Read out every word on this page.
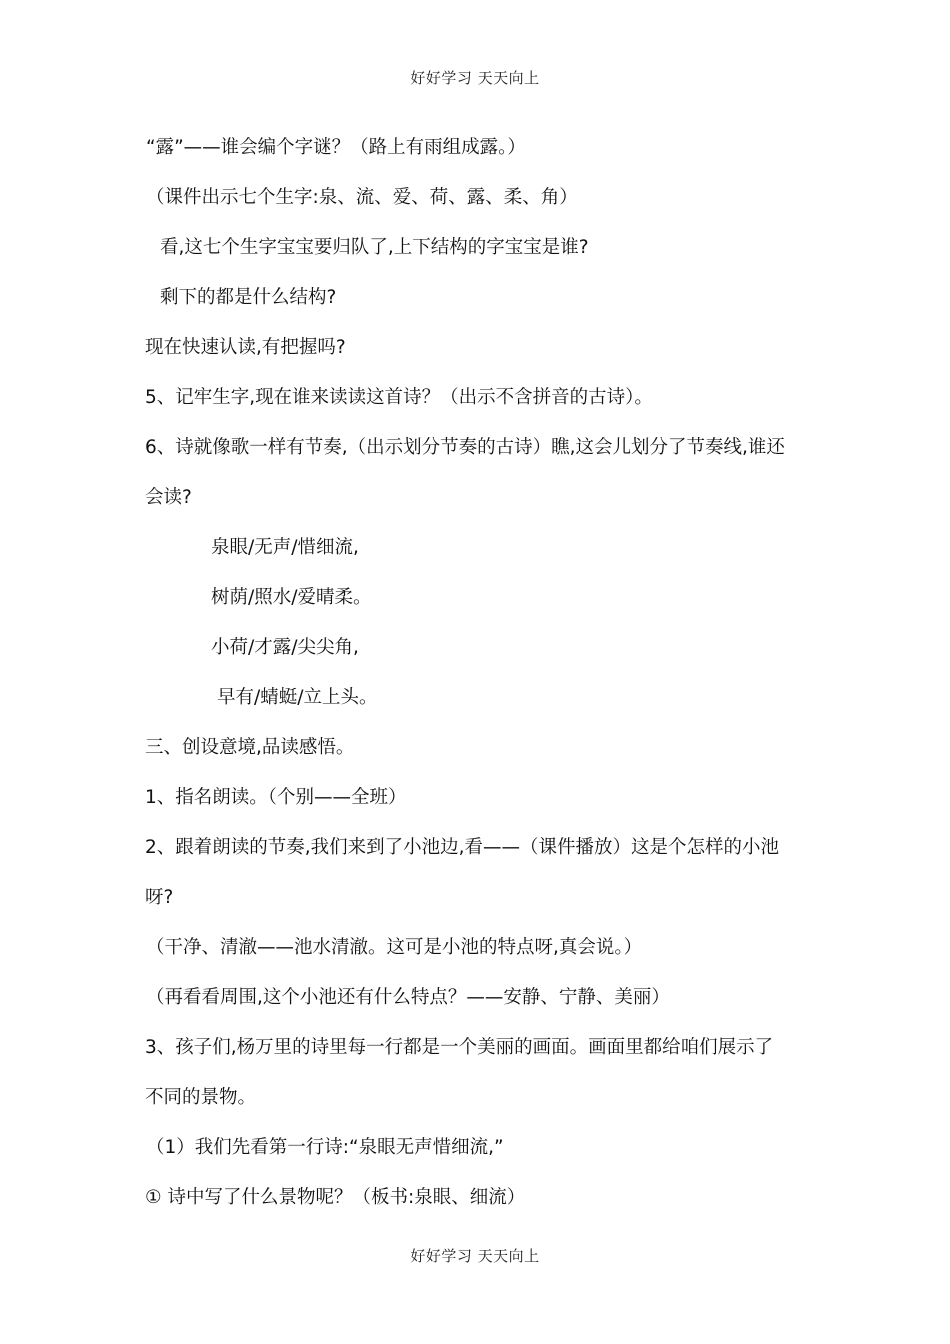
好好学习 天天向上
“露”——谁会编个字谜？（路上有雨组成露。）
（课件出示七个生字:泉、流、爱、荷、露、柔、角）
看,这七个生字宝宝要归队了,上下结构的字宝宝是谁?
剩下的都是什么结构?
现在快速认读,有把握吗?
5、记牢生字,现在谁来读读这首诗？（出示不含拼音的古诗）。
6、诗就像歌一样有节奏,（出示划分节奏的古诗）瞧,这会儿划分了节奏线,谁还
会读?
泉眼/无声/惜细流,
树荫/照水/爱晴柔。
小荷/才露/尖尖角,
早有/蜻蜓/立上头。
三、创设意境,品读感悟。
1、指名朗读。（个别——全班）
2、跟着朗读的节奏,我们来到了小池边,看——（课件播放）这是个怎样的小池
呀?
（干净、清澈——池水清澈。这可是小池的特点呀,真会说。）
（再看看周围,这个小池还有什么特点？——安静、宁静、美丽）
3、孩子们,杨万里的诗里每一行都是一个美丽的画面。画面里都给咱们展示了
不同的景物。
（1）我们先看第一行诗:“泉眼无声惜细流,”
① 诗中写了什么景物呢？（板书:泉眼、细流）
好好学习 天天向上
